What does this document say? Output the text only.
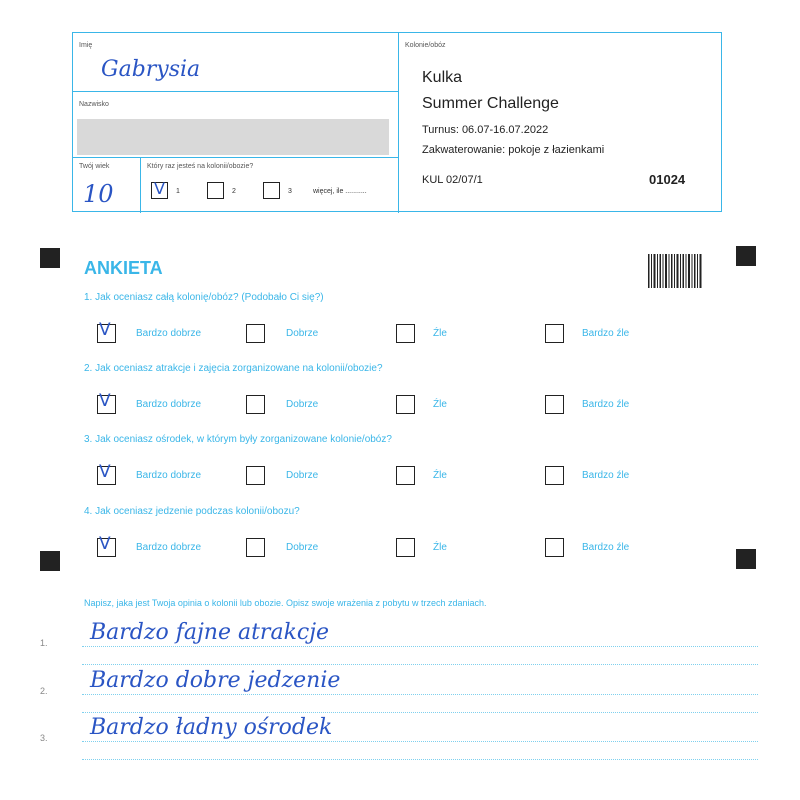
Imię
Gabrysia
Nazwisko
Twój wiek
10
Który raz jesteś na kolonii/obozie?
V 1	2	3	więcej, ile ...........
Kolonie/obóz
Kulka
Summer Challenge
Turnus: 06.07-16.07.2022
Zakwaterowanie: pokoje z łazienkami
KUL 02/07/1	01024
ANKIETA
1. Jak oceniasz całą kolonię/obóz? (Podobało Ci się?)
V	Bardzo dobrze	Dobrze	Źle	Bardzo źle
2. Jak oceniasz atrakcje i zajęcia zorganizowane na kolonii/obozie?
V	Bardzo dobrze	Dobrze	Źle	Bardzo źle
3. Jak oceniasz ośrodek, w którym były zorganizowane kolonie/obóz?
V	Bardzo dobrze	Dobrze	Źle	Bardzo źle
4. Jak oceniasz jedzenie podczas kolonii/obozu?
V	Bardzo dobrze	Dobrze	Źle	Bardzo źle
Napisz, jaka jest Twoja opinia o kolonii lub obozie. Opisz swoje wrażenia z pobytu w trzech zdaniach.
1. Bardzo fajne atrakcje
2. Bardzo dobre jedzenie
3. Bardzo ładny ośrodek
